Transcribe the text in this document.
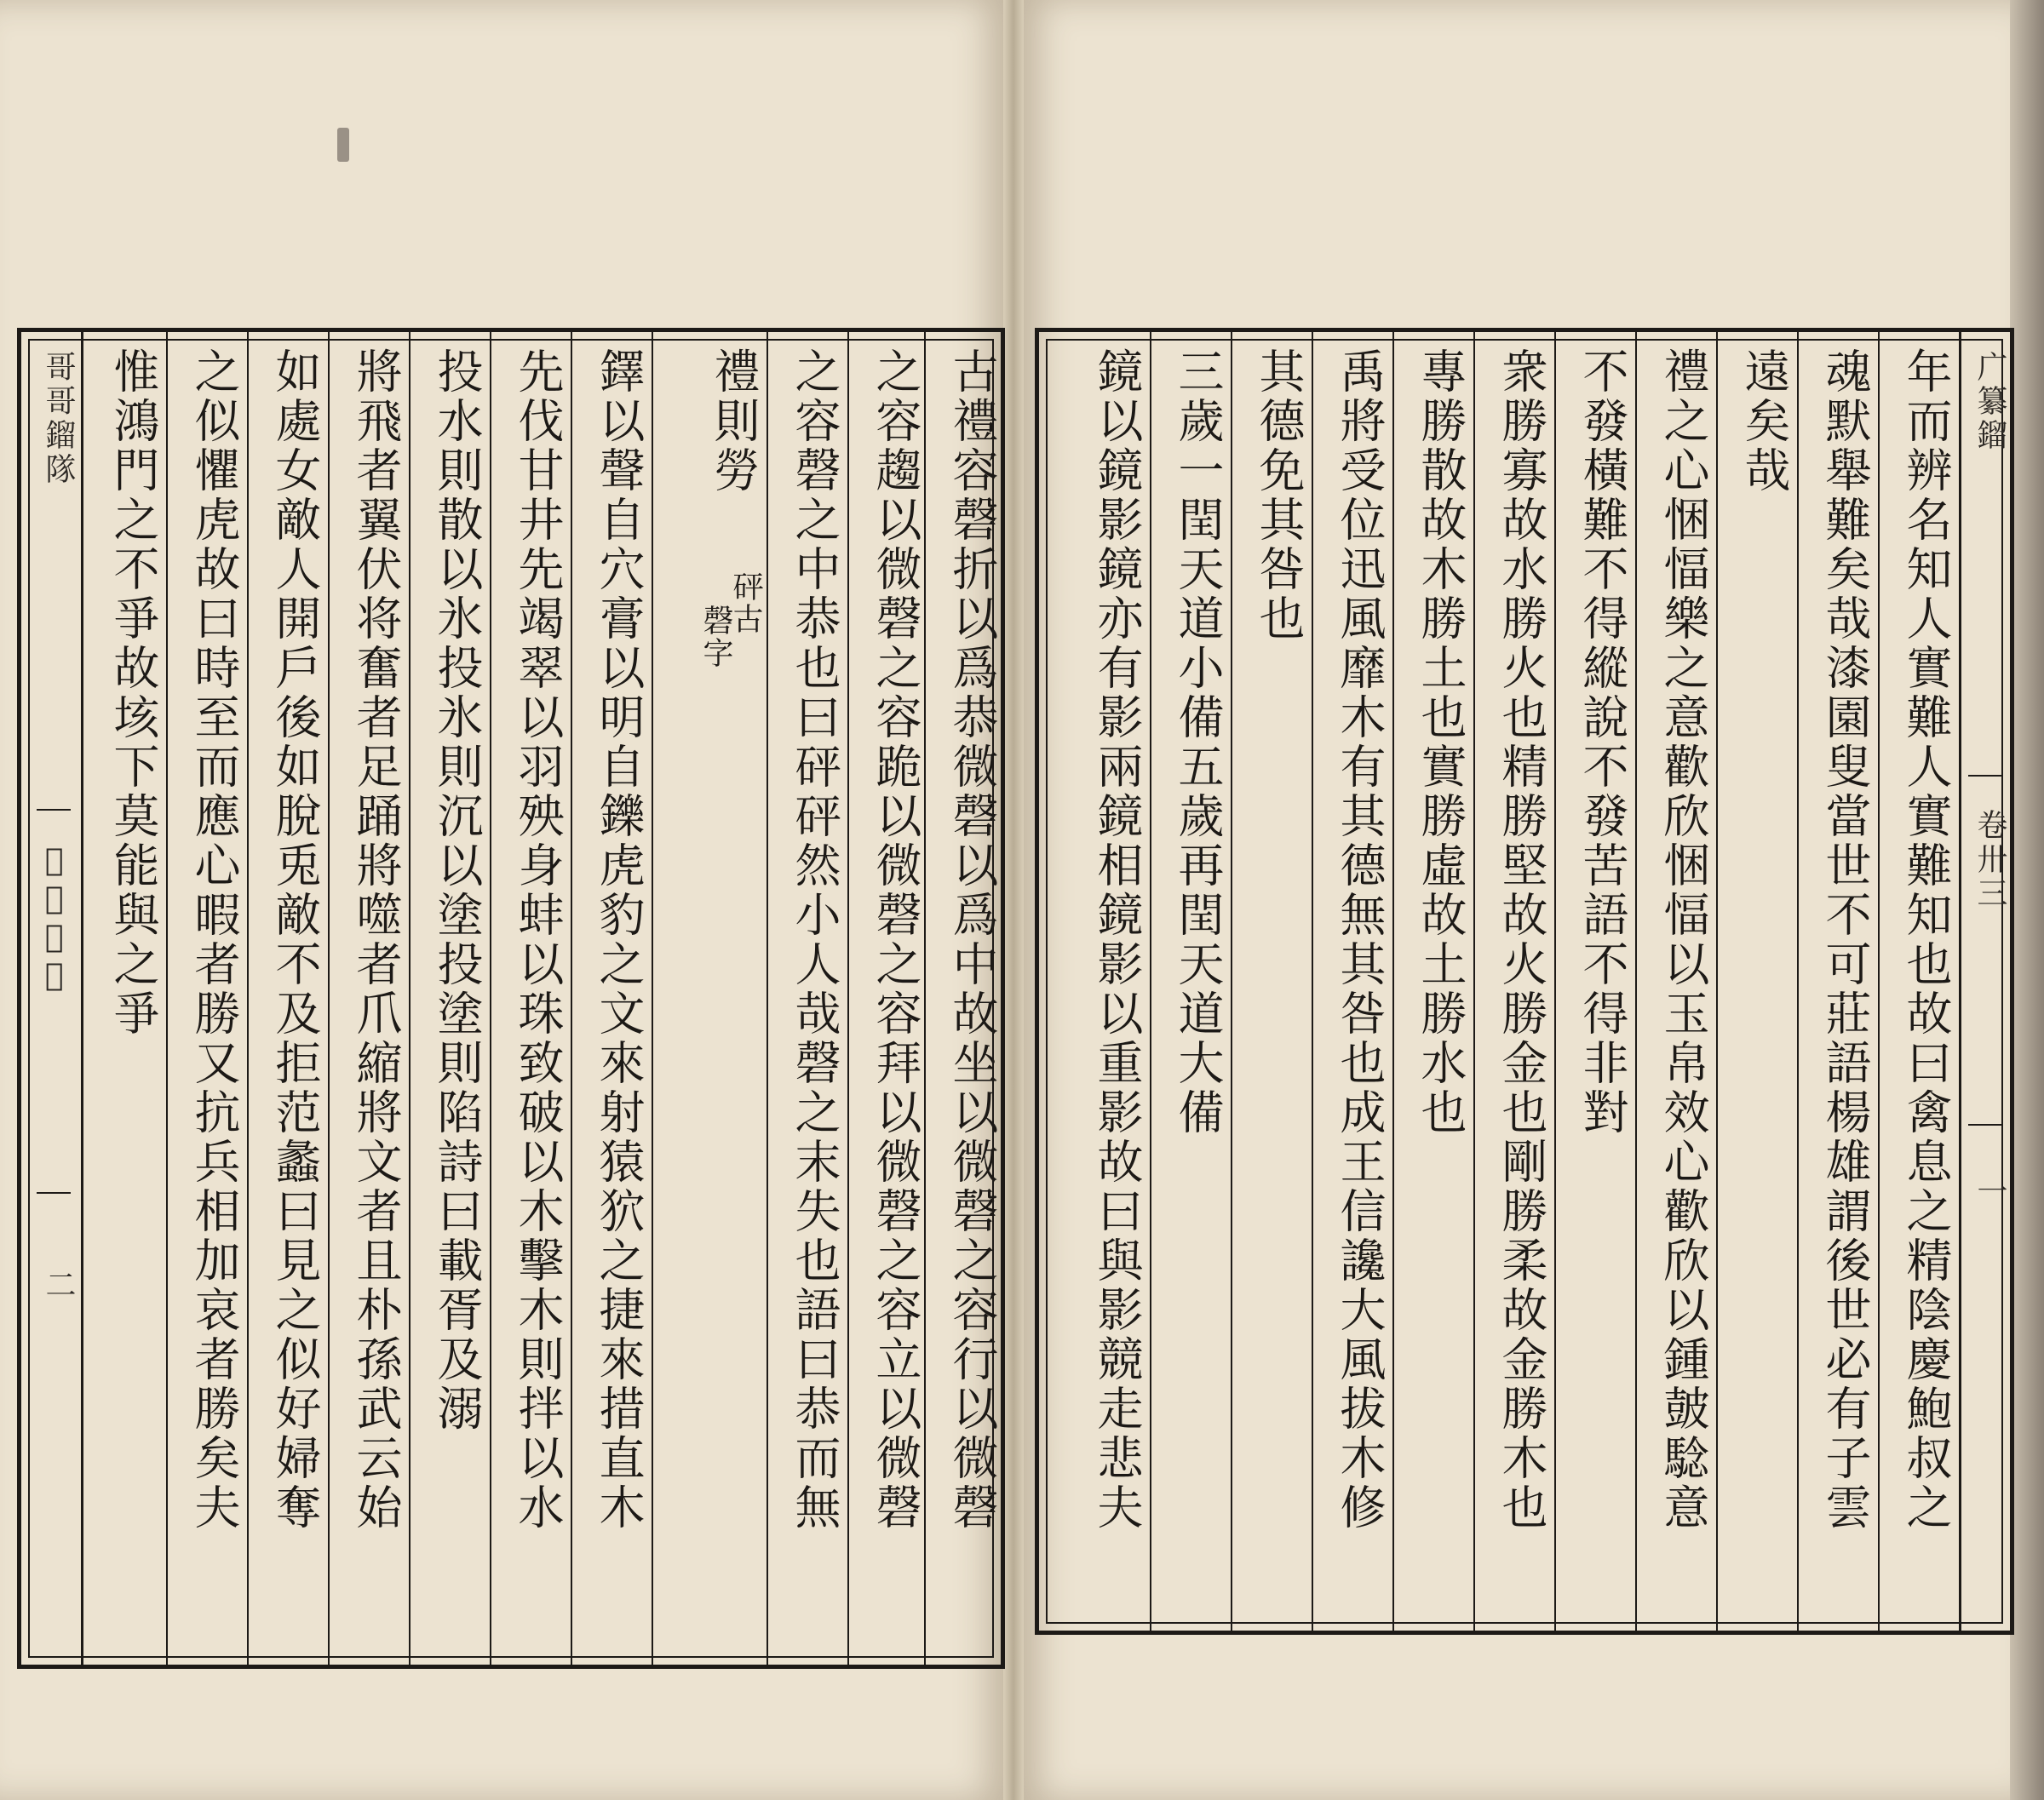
古禮容磬折以爲恭微磬以爲中故坐以微磬之容行以微磬
之容趨以微磬之容跪以微磬之容拜以微磬之容立以微磬
之容磬之中恭也曰砰砰然小人哉磬之末失也語曰恭而無
禮則勞
磬字
砰古
鐸以聲自穴膏以明自鑠虎豹之文來射猿狖之捷來措直木
先伐甘井先竭翠以羽殃身蚌以珠致破以木擊木則拌以水
投水則散以氷投氷則沉以塗投塗則陷詩曰載胥及溺
將飛者翼伏将奮者足踊將噬者爪縮將文者且朴孫武云始
如處女敵人開戶後如脫兎敵不及拒范蠡曰見之似好婦奪
之似懼虎故曰時至而應心暇者勝又抗兵相加哀者勝矣夫
惟鴻門之不爭故垓下莫能與之爭
哥哥鎦隊
𦠽卷卅三
二
广纂鎦
卷卅三
一
年而辨名知人實難人實難知也故曰禽息之精陰慶鮑叔之
魂默舉難矣哉漆園叟當世不可莊語楊雄謂後世必有子雲
遠矣哉
禮之心悃愊樂之意歡欣悃愊以玉帛效心歡欣以鍾皷騐意
不發橫難不得縱說不發苦語不得非對
衆勝寡故水勝火也精勝堅故火勝金也剛勝柔故金勝木也
專勝散故木勝土也實勝虛故土勝水也
禹將受位迅風靡木有其德無其咎也成王信讒大風拔木修
其德免其咎也
三歲一閏天道小備五歲再閏天道大備
鏡以鏡影鏡亦有影兩鏡相鏡影以重影故曰與影競走悲夫
